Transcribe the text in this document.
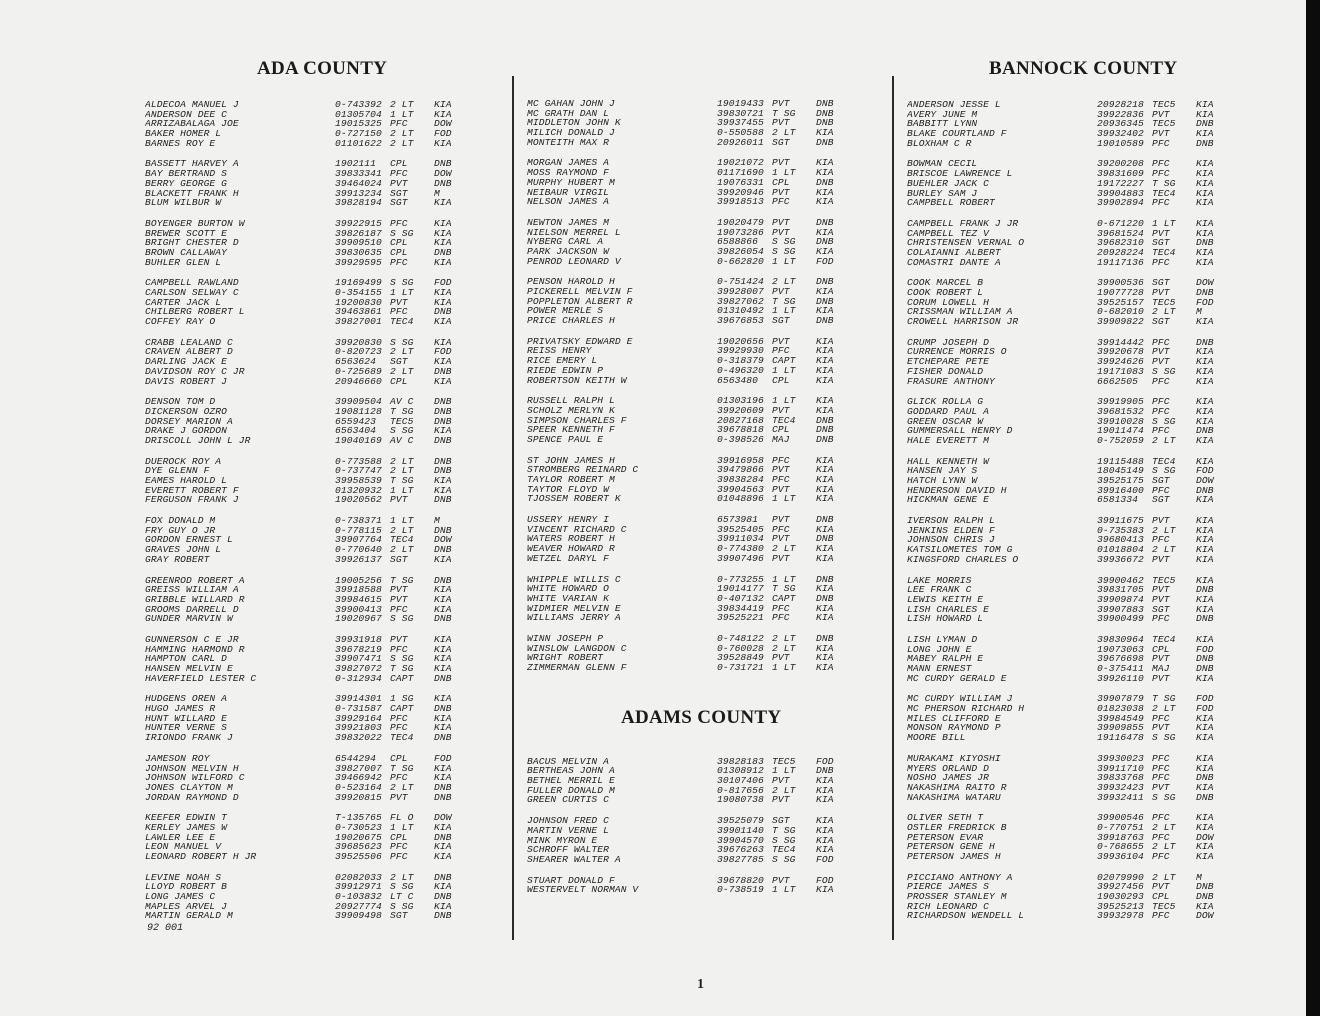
ADA COUNTY
ALDECOA MANUEL J	0-743392 2 LT	KIA
ANDERSON DEE C	01305704 1 LT	KIA
ARRIZABALAGA JOE	19015325 PFC	DOW
BAKER HOMER L	0-727150 2 LT	FOD
BARNES ROY E	01101622 2 LT	KIA
BASSETT HARVEY A	1902111	CPL	DNB
BAY BERTRAND S	39833341 PFC	DOW
BERRY GEORGE G	39464024 PVT	DNB
BLACKETT FRANK H	39913234 SGT	M
BLUM WILBUR W	39828194 SGT	KIA
BOYENGER BURTON W	39922915 PFC	KIA
BREWER SCOTT E	39826187 S SG	KIA
BRIGHT CHESTER D	39909510 CPL	KIA
BROWN CALLAWAY	39830635 CPL	DNB
BUHLER GLEN L	39929595 PFC	KIA
CAMPBELL RAWLAND	19169499 S SG	FOD
CARLSON SELWAY C	0-354155 1 LT	KIA
CARTER JACK L	19200830 PVT	KIA
CHILBERG ROBERT L	39463861 PFC	DNB
COFFEY RAY O	39827001 TEC4	KIA
CRABB LEALAND C	39920830 S SG	KIA
CRAVEN ALBERT D	0-820723 2 LT	FOD
DARLING JACK E	6563624	SGT	KIA
DAVIDSON ROY C JR	0-725689 2 LT	DNB
DAVIS ROBERT J	20946660 CPL	KIA
DENSON TOM D	39909504 AV C	DNB
DICKERSON OZRO	19081128 T SG	DNB
DORSEY MARION A	6559423	TEC5	DNB
DRAKE J GORDON	6563404	S SG	KIA
DRISCOLL JOHN L JR	19040169 AV C	DNB
DUEROCK ROY A	0-773588 2 LT	DNB
DYE GLENN F	0-737747 2 LT	DNB
EAMES HAROLD L	39958539 T SG	KIA
EVERETT ROBERT F	01320932 1 LT	KIA
FERGUSON FRANK J	19020562 PVT	DNB
FOX DONALD M	0-738371 1 LT	M
FRY GUY O JR	0-778115 2 LT	DNB
GORDON ERNEST L	39907764 TEC4	DOW
GRAVES JOHN L	0-770640 2 LT	DNB
GRAY ROBERT	39926137 SGT	KIA
GREENROD ROBERT A	19005256 T SG	DNB
GREISS WILLIAM A	39918588 PVT	KIA
GRIBBLE WILLARD R	39984615 PVT	KIA
GROOMS DARRELL D	39900413 PFC	KIA
GUNDER MARVIN W	19020967 S SG	DNB
GUNNERSON C E JR	39931918 PVT	KIA
HAMMING HARMOND R	39678219 PFC	KIA
HAMPTON CARL D	39907471 S SG	KIA
HANSEN MELVIN E	39827072 T SG	KIA
HAVERFIELD LESTER C	0-312934 CAPT	DNB
HUDGENS OREN A	39914301 1 SG	KIA
HUGO JAMES R	0-731587 CAPT	DNB
HUNT WILLARD E	39929164 PFC	KIA
HUNTER VERNE S	39921803 PFC	KIA
IRIONDO FRANK J	39832022 TEC4	DNB
JAMESON ROY	6544294	CPL	FOD
JOHNSON MELVIN H	39827007 T SG	KIA
JOHNSON WILFORD C	39466942 PFC	KIA
JONES CLAYTON M	0-523164 2 LT	DNB
JORDAN RAYMOND D	39920815 PVT	DNB
KEEFER EDWIN T	T-135765 FL O	DOW
KERLEY JAMES W	0-730523 1 LT	KIA
LAWLER LEE E	19020675 CPL	DNB
LEON MANUEL V	39685623 PFC	KIA
LEONARD ROBERT H JR	39525506 PFC	KIA
LEVINE NOAH S	02082033 2 LT	DNB
LLOYD ROBERT B	39912971 S SG	KIA
LONG JAMES C	0-103832 LT C	DNB
MAPLES ARVEL J	20927774 S SG	KIA
MARTIN GERALD M	39909498 SGT	DNB
MC GAHAN JOHN J	19019433 PVT	DNB
MC GRATH DAN L	39830721 T SG	DNB
MIDDLETON JOHN K	39937455 PVT	DNB
MILICH DONALD J	0-550588 2 LT	KIA
MONTEITH MAX R	20926011 SGT	DNB
MORGAN JAMES A	19021072 PVT	KIA
MOSS RAYMOND F	01171690 1 LT	KIA
MURPHY HUBERT M	19076331 CPL	DNB
NEIBAUR VIRGIL	39920946 PVT	KIA
NELSON JAMES A	39918513 PFC	KIA
NEWTON JAMES M	19020479 PVT	DNB
NIELSON MERREL L	19073286 PVT	KIA
NYBERG CARL A	6588866	S SG	DNB
PARK JACKSON W	39826054 S SG	KIA
PENROD LEONARD V	0-662820 1 LT	FOD
PENSON HAROLD H	0-751424 2 LT	DNB
PICKERELL MELVIN F	39928007 PVT	KIA
POPPLETON ALBERT R	39827062 T SG	DNB
POWER MERLE S	01310492 1 LT	KIA
PRICE CHARLES H	39676853 SGT	DNB
PRIVATSKY EDWARD E	19020656 PVT	KIA
REISS HENRY	39929930 PFC	KIA
RICE EMERY L	0-318379 CAPT	KIA
RIEDE EDWIN P	0-496320 1 LT	KIA
ROBERTSON KEITH W	6563480	CPL	KIA
RUSSELL RALPH L	01303196 1 LT	KIA
SCHOLZ MERLYN K	39920609 PVT	KIA
SIMPSON CHARLES F	20827168 TEC4	DNB
SPEER KENNETH F	39678818 CPL	DNB
SPENCE PAUL E	0-398526 MAJ	DNB
ST JOHN JAMES H	39916958 PFC	KIA
STROMBERG REINARD C	39479866 PVT	KIA
TAYLOR ROBERT M	39838284 PFC	KIA
TAYTOR FLOYD W	39904563 PVT	KIA
TJOSSEM ROBERT K	01048896 1 LT	KIA
USSERY HENRY I	6573981	PVT	DNB
VINCENT RICHARD C	39525405 PFC	KIA
WATERS ROBERT H	39911034 PVT	DNB
WEAVER HOWARD R	0-774380 2 LT	KIA
WETZEL DARYL F	39907496 PVT	KIA
WHIPPLE WILLIS C	0-773255 1 LT	DNB
WHITE HOWARD O	19014177 T SG	KIA
WHITE VARIAN K	0-407132 CAPT	DNB
WIDMIER MELVIN E	39834419 PFC	KIA
WILLIAMS JERRY A	39525221 PFC	KIA
WINN JOSEPH P	0-748122 2 LT	DNB
WINSLOW LANGDON C	0-760028 2 LT	KIA
WRIGHT ROBERT	39528849 PVT	KIA
ZIMMERMAN GLENN F	0-731721 1 LT	KIA
ADAMS COUNTY
BACUS MELVIN A	39828183 TEC5	FOD
BERTHEAS JOHN A	01308912 1 LT	DNB
BETHEL MERRIL E	30107406 PVT	KIA
FULLER DONALD M	0-817656 2 LT	KIA
GREEN CURTIS C	19080738 PVT	KIA
JOHNSON FRED C	39525079 SGT	KIA
MARTIN VERNE L	39901140 T SG	KIA
MINK MYRON E	39904570 S SG	KIA
SCHROFF WALTER	39676263 TEC4	KIA
SHEARER WALTER A	39827785 S SG	FOD
STUART DONALD F	39678820 PVT	FOD
WESTERVELT NORMAN V	0-738519 1 LT	KIA
BANNOCK COUNTY
ANDERSON JESSE L	20928218 TEC5	KIA
AVERY JUNE M	39922836 PVT	KIA
BABBITT LYNN	20936345 TEC5	DNB
BLAKE COURTLAND F	39932402 PVT	KIA
BLOXHAM C R	19010589 PFC	DNB
BOWMAN CECIL	39200208 PFC	KIA
BRISCOE LAWRENCE L	39831609 PFC	KIA
BUEHLER JACK C	19172227 T SG	KIA
BURLEY SAM J	39904883 TEC4	KIA
CAMPBELL ROBERT	39902894 PFC	KIA
CAMPBELL FRANK J JR	0-671220 1 LT	KIA
CAMPBELL TEZ V	39681524 PVT	KIA
CHRISTENSEN VERNAL O	39682310 SGT	DNB
COLAIANNI ALBERT	20928224 TEC4	KIA
COMASTRI DANTE A	19117136 PFC	KIA
COOK MARCEL B	39900536 SGT	DOW
COOK ROBERT L	19077728 PVT	DNB
CORUM LOWELL H	39525157 TEC5	FOD
CRISSMAN WILLIAM A	0-682010 2 LT	M
CROWELL HARRISON JR	39909822 SGT	KIA
CRUMP JOSEPH D	39914442 PFC	DNB
CURRENCE MORRIS O	39920678 PVT	KIA
ETCHEPARE PETE	39924626 PVT	KIA
FISHER DONALD	19171083 S SG	KIA
FRASURE ANTHONY	6662505	PFC	KIA
GLICK ROLLA G	39919905 PFC	KIA
GODDARD PAUL A	39681532 PFC	KIA
GREEN OSCAR W	39910028 S SG	KIA
GUMMERSALL HENRY D	19011474 PFC	DNB
HALE EVERETT M	0-752059 2 LT	KIA
HALL KENNETH W	19115488 TEC4	KIA
HANSEN JAY S	18045149 S SG	FOD
HATCH LYNN W	39525175 SGT	DOW
HENDERSON DAVID H	39916400 PFC	DNB
HICKMAN GENE E	6581334	SGT	KIA
IVERSON RALPH L	39911675 PVT	KIA
JENKINS ELDEN F	0-735383 2 LT	KIA
JOHNSON CHRIS J	39680413 PFC	KIA
KATSILOMETES TOM G	01018804 2 LT	KIA
KINGSFORD CHARLES O	39936672 PVT	KIA
LAKE MORRIS	39900462 TEC5	KIA
LEE FRANK C	39831705 PVT	DNB
LEWIS KEITH E	39909874 PVT	KIA
LISH CHARLES E	39907883 SGT	KIA
LISH HOWARD L	39900499 PFC	DNB
LISH LYMAN D	39830964 TEC4	KIA
LONG JOHN E	19073063 CPL	FOD
MABEY RALPH E	39676698 PVT	DNB
MANN ERNEST	0-375411 MAJ	DNB
MC CURDY GERALD E	39926110 PVT	KIA
MC CURDY WILLIAM J	39907879 T SG	FOD
MC PHERSON RICHARD H	01823038 2 LT	FOD
MILES CLIFFORD E	39984549 PFC	KIA
MONSON RAYMOND P	39909855 PVT	KIA
MOORE BILL	19116478 S SG	KIA
MURAKAMI KIYOSHI	39930023 PFC	KIA
MYERS ORLAND D	39911710 PFC	KIA
NOSHO JAMES JR	39833768 PFC	DNB
NAKASHIMA RAITO R	39932423 PVT	KIA
NAKASHIMA WATARU	39932411 S SG	DNB
OLIVER SETH T	39900546 PFC	KIA
OSTLER FREDRICK B	0-770751 2 LT	KIA
PETERSON EVAR	39918763 PFC	DOW
PETERSON GENE H	0-768655 2 LT	KIA
PETERSON JAMES H	39936104 PFC	KIA
PICCIANO ANTHONY A	02079990 2 LT	M
PIERCE JAMES S	39927456 PVT	DNB
PROSSER STANLEY M	19030293 CPL	DNB
RICH LEONARD C	39525213 TEC5	KIA
RICHARDSON WENDELL L	39932978 PFC	DOW
92 001
1
